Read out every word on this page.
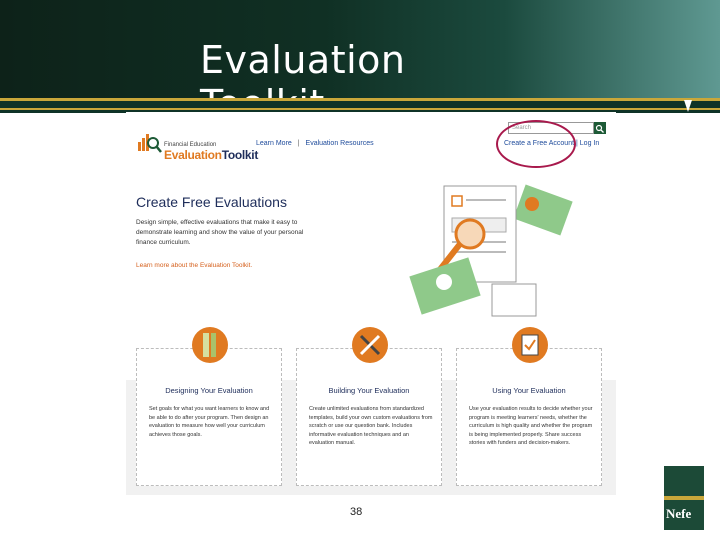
Evaluation
Financial Education
EvaluationToolkit
Learn More | Evaluation Resources
Search
Create a Free Account | Log In
Create Free Evaluations

Design simple, effective evaluations that make it easy to demonstrate learning and show the value of your personal finance curriculum.

Learn more about the Evaluation Toolkit.
Designing Your Evaluation
Set goals for what you want learners to know and be able to do after your program. Then design an evaluation to measure how well your curriculum achieves those goals.
Building Your Evaluation
Create unlimited evaluations from standardized templates, build your own custom evaluations from scratch or use our question bank. Includes informative evaluation techniques and an evaluation manual.
Using Your Evaluation
Use your evaluation results to decide whether your program is meeting learners' needs, whether the curriculum is high quality and whether the program is being implemented properly. Share success stories with funders and decision-makers.
38	Nefe
